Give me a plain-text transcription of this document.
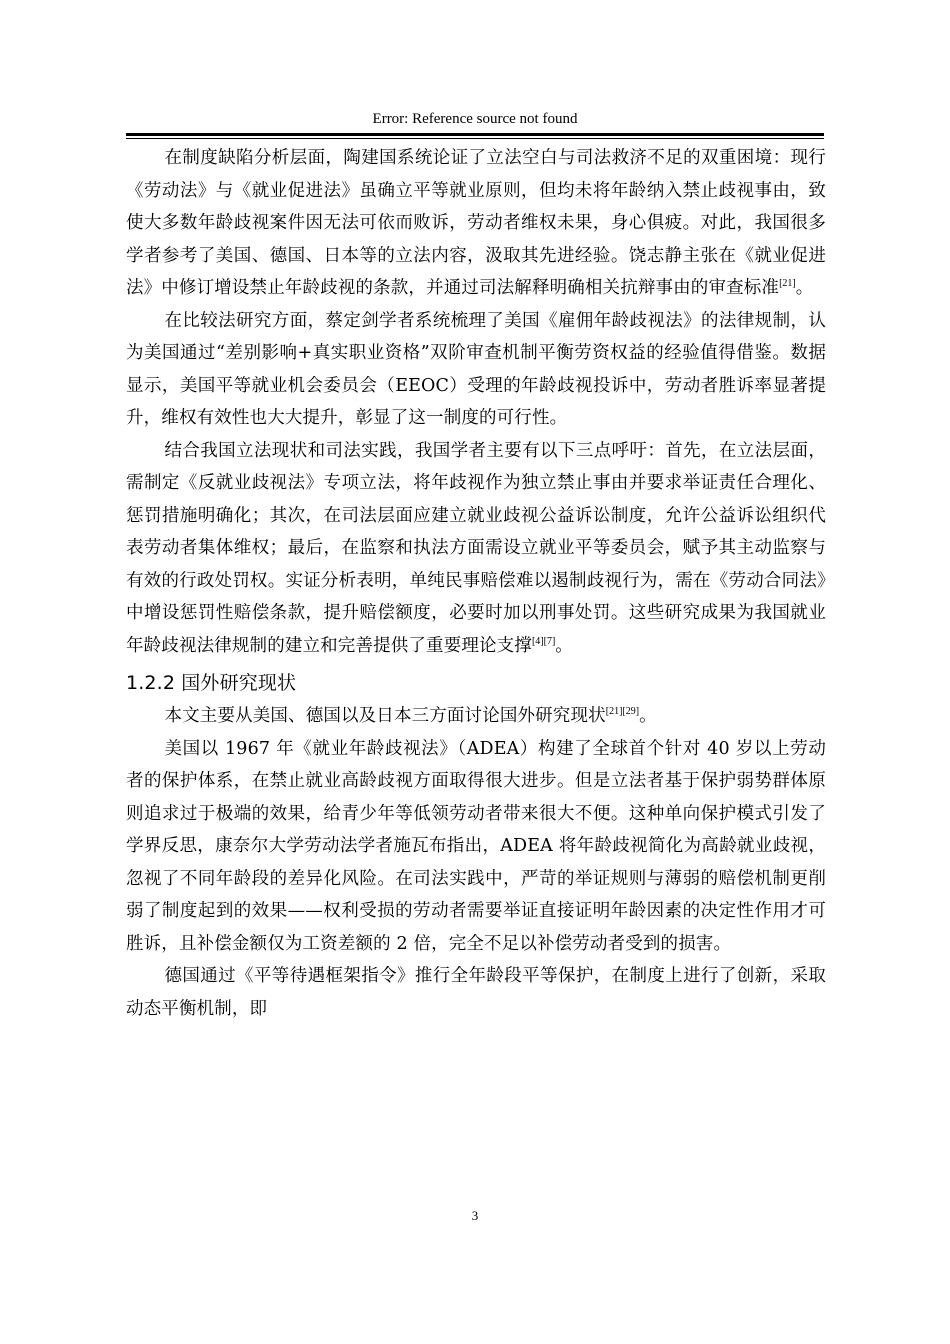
Error: Reference source not found

在制度缺陷分析层面，陶建国系统论证了立法空白与司法救济不足的双重困境：现行《劳动法》与《就业促进法》虽确立平等就业原则，但均未将年龄纳入禁止歧视事由，致使大多数年龄歧视案件因无法可依而败诉，劳动者维权未果，身心俱疲。对此，我国很多学者参考了美国、德国、日本等的立法内容，汲取其先进经验。饶志静主张在《就业促进法》中修订增设禁止年龄歧视的条款，并通过司法解释明确相关抗辩事由的审查标准[21]。

在比较法研究方面，蔡定剑学者系统梳理了美国《雇佣年龄歧视法》的法律规制，认为美国通过“差别影响+真实职业资格”双阶审查机制平衡劳资权益的经验值得借鉴。数据显示，美国平等就业机会委员会（EEOC）受理的年龄歧视投诉中，劳动者胜诉率显著提升，维权有效性也大大提升，彰显了这一制度的可行性。

结合我国立法现状和司法实践，我国学者主要有以下三点呼吁：首先，在立法层面，需制定《反就业歧视法》专项立法，将年歧视作为独立禁止事由并要求举证责任合理化、惩罚措施明确化；其次，在司法层面应建立就业歧视公益诉讼制度，允许公益诉讼组织代表劳动者集体维权；最后，在监察和执法方面需设立就业平等委员会，赋予其主动监察与有效的行政处罚权。实证分析表明，单纯民事赔偿难以遏制歧视行为，需在《劳动合同法》中增设惩罚性赔偿条款，提升赔偿额度，必要时加以刑事处罚。这些研究成果为我国就业年龄歧视法律规制的建立和完善提供了重要理论支撑[4][7]。

1.2.2 国外研究现状

本文主要从美国、德国以及日本三方面讨论国外研究现状[21][29]。

美国以 1967 年《就业年龄歧视法》（ADEA）构建了全球首个针对 40 岁以上劳动者的保护体系，在禁止就业高龄歧视方面取得很大进步。但是立法者基于保护弱势群体原则追求过于极端的效果，给青少年等低领劳动者带来很大不便。这种单向保护模式引发了学界反思，康奈尔大学劳动法学者施瓦布指出，ADEA 将年龄歧视简化为高龄就业歧视，忽视了不同年龄段的差异化风险。在司法实践中，严苛的举证规则与薄弱的赔偿机制更削弱了制度起到的效果——权利受损的劳动者需要举证直接证明年龄因素的决定性作用才可胜诉，且补偿金额仅为工资差额的 2 倍，完全不足以补偿劳动者受到的损害。

德国通过《平等待遇框架指令》推行全年龄段平等保护，在制度上进行了创新，采取动态平衡机制，即

3
